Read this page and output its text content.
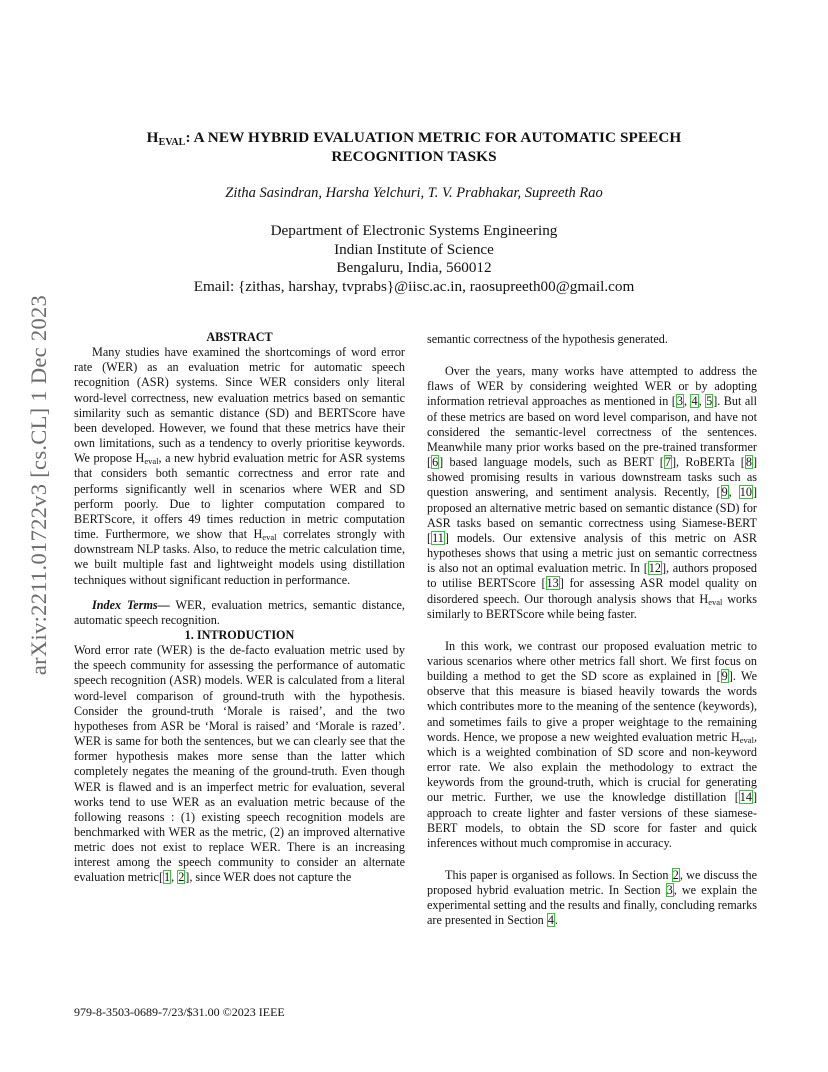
arXiv:2211.01722v3 [cs.CL] 1 Dec 2023
$H_{EVAL}$: A NEW HYBRID EVALUATION METRIC FOR AUTOMATIC SPEECH RECOGNITION TASKS
Zitha Sasindran, Harsha Yelchuri, T. V. Prabhakar, Supreeth Rao
Department of Electronic Systems Engineering
Indian Institute of Science
Bengaluru, India, 560012
Email: {zithas, harshay, tvprabs}@iisc.ac.in, raosupreeth00@gmail.com

ABSTRACT

Many studies have examined the shortcomings of word error rate (WER) as an evaluation metric for automatic speech recognition (ASR) systems. Since WER considers only literal word-level correctness, new evaluation metrics based on semantic similarity such as semantic distance (SD) and BERTScore have been developed. However, we found that these metrics have their own limitations, such as a tendency to overly prioritise keywords. We propose $H_{eval}$, a new hybrid evaluation metric for ASR systems that considers both semantic correctness and error rate and performs significantly well in scenarios where WER and SD perform poorly. Due to lighter computation compared to BERTScore, it offers 49 times reduction in metric computation time. Furthermore, we show that $H_{eval}$ correlates strongly with downstream NLP tasks. Also, to reduce the metric calculation time, we built multiple fast and lightweight models using distillation techniques without significant reduction in performance.

Index Terms— WER, evaluation metrics, semantic distance, automatic speech recognition.

1. INTRODUCTION

Word error rate (WER) is the de-facto evaluation metric used by the speech community for assessing the performance of automatic speech recognition (ASR) models. WER is calculated from a literal word-level comparison of ground-truth with the hypothesis. Consider the ground-truth ‘Morale is raised’, and the two hypotheses from ASR be ‘Moral is raised’ and ‘Morale is razed’. WER is same for both the sentences, but we can clearly see that the former hypothesis makes more sense than the latter which completely negates the meaning of the ground-truth. Even though WER is flawed and is an imperfect metric for evaluation, several works tend to use WER as an evaluation metric because of the following reasons : (1) existing speech recognition models are benchmarked with WER as the metric, (2) an improved alternative metric does not exist to replace WER. There is an increasing interest among the speech community to consider an alternate evaluation metric[1, 2], since WER does not capture the

semantic correctness of the hypothesis generated.

Over the years, many works have attempted to address the flaws of WER by considering weighted WER or by adopting information retrieval approaches as mentioned in [3, 4, 5]. But all of these metrics are based on word level comparison, and have not considered the semantic-level correctness of the sentences. Meanwhile many prior works based on the pre-trained transformer [6] based language models, such as BERT [7], RoBERTa [8] showed promising results in various downstream tasks such as question answering, and sentiment analysis. Recently, [9, 10] proposed an alternative metric based on semantic distance (SD) for ASR tasks based on semantic correctness using Siamese-BERT [11] models. Our extensive analysis of this metric on ASR hypotheses shows that using a metric just on semantic correctness is also not an optimal evaluation metric. In [12], authors proposed to utilise BERTScore [13] for assessing ASR model quality on disordered speech. Our thorough analysis shows that $H_{eval}$ works similarly to BERTScore while being faster.

In this work, we contrast our proposed evaluation metric to various scenarios where other metrics fall short. We first focus on building a method to get the SD score as explained in [9]. We observe that this measure is biased heavily towards the words which contributes more to the meaning of the sentence (keywords), and sometimes fails to give a proper weightage to the remaining words. Hence, we propose a new weighted evaluation metric $H_{eval}$, which is a weighted combination of SD score and non-keyword error rate. We also explain the methodology to extract the keywords from the ground-truth, which is crucial for generating our metric. Further, we use the knowledge distillation [14] approach to create lighter and faster versions of these siamese-BERT models, to obtain the SD score for faster and quick inferences without much compromise in accuracy.

This paper is organised as follows. In Section 2, we discuss the proposed hybrid evaluation metric. In Section 3, we explain the experimental setting and the results and finally, concluding remarks are presented in Section 4.

979-8-3503-0689-7/23/$31.00 ©2023 IEEE
